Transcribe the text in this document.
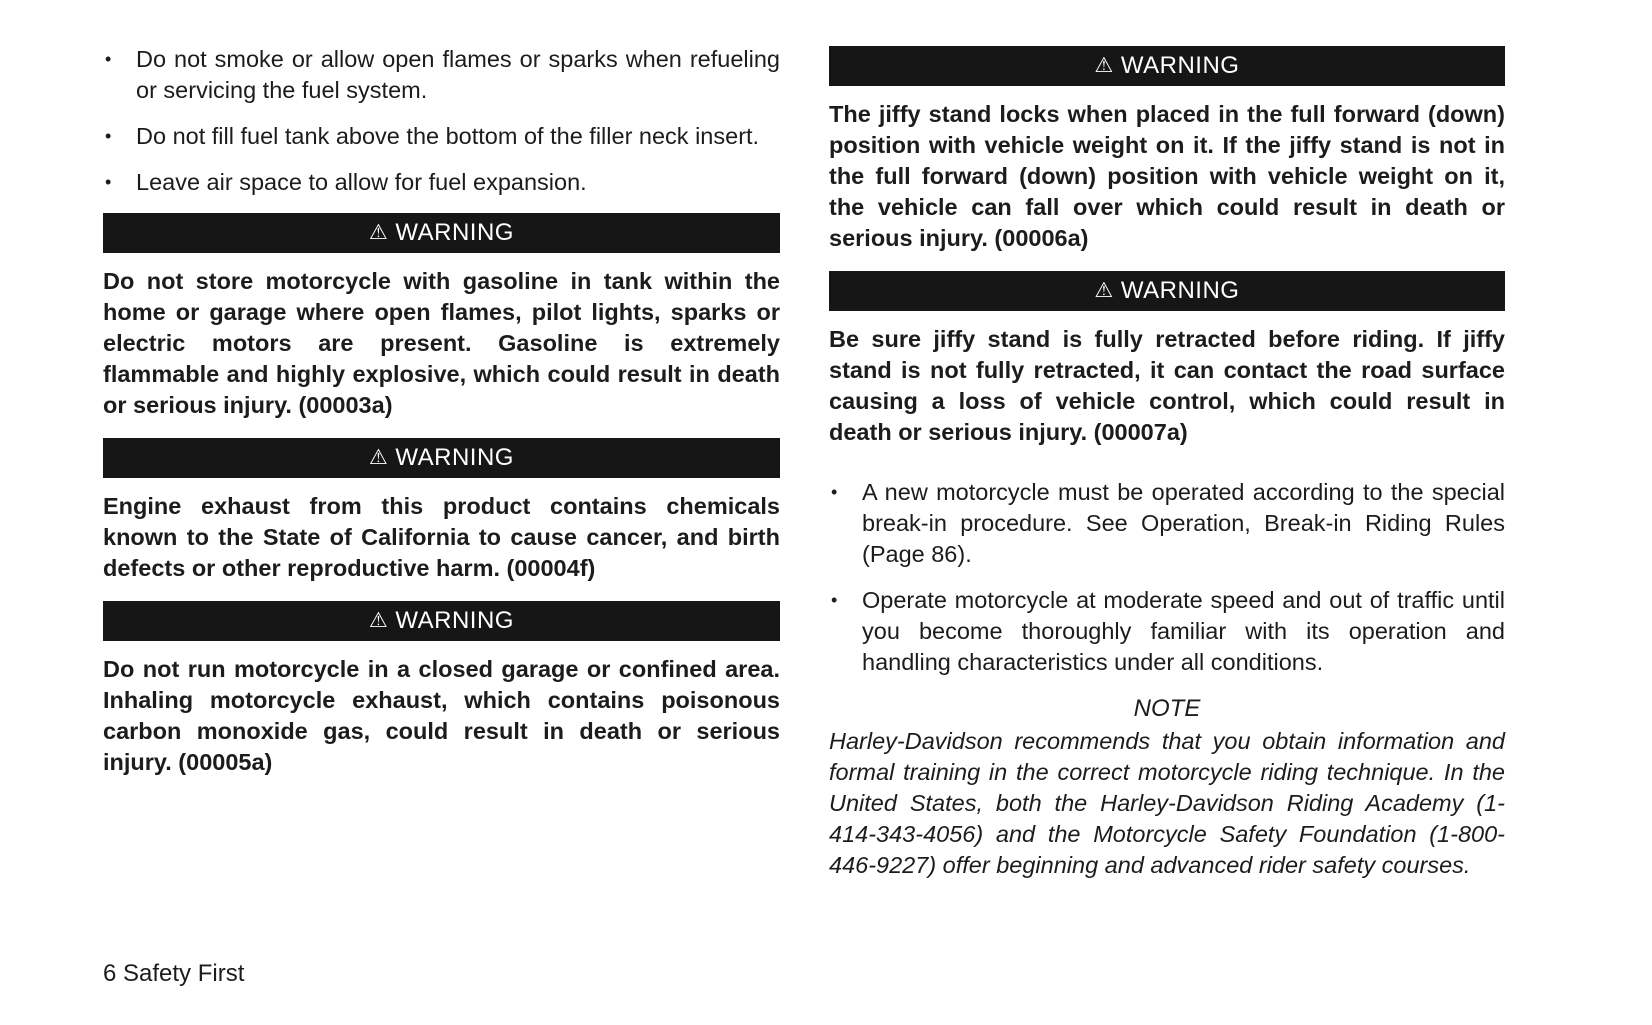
• Do not smoke or allow open flames or sparks when refueling or servicing the fuel system.
• Do not fill fuel tank above the bottom of the filler neck insert.
• Leave air space to allow for fuel expansion.
⚠ WARNING

Do not store motorcycle with gasoline in tank within the home or garage where open flames, pilot lights, sparks or electric motors are present. Gasoline is extremely flammable and highly explosive, which could result in death or serious injury. (00003a)

⚠ WARNING

Engine exhaust from this product contains chemicals known to the State of California to cause cancer, and birth defects or other reproductive harm. (00004f)

⚠ WARNING

Do not run motorcycle in a closed garage or confined area. Inhaling motorcycle exhaust, which contains poisonous carbon monoxide gas, could result in death or serious injury. (00005a)

⚠ WARNING

The jiffy stand locks when placed in the full forward (down) position with vehicle weight on it. If the jiffy stand is not in the full forward (down) position with vehicle weight on it, the vehicle can fall over which could result in death or serious injury. (00006a)

⚠ WARNING

Be sure jiffy stand is fully retracted before riding. If jiffy stand is not fully retracted, it can contact the road surface causing a loss of vehicle control, which could result in death or serious injury. (00007a)

• A new motorcycle must be operated according to the special break-in procedure. See Operation, Break-in Riding Rules (Page 86).
• Operate motorcycle at moderate speed and out of traffic until you become thoroughly familiar with its operation and handling characteristics under all conditions.

NOTE

Harley-Davidson recommends that you obtain information and formal training in the correct motorcycle riding technique. In the United States, both the Harley-Davidson Riding Academy (1-414-343-4056) and the Motorcycle Safety Foundation (1-800-446-9227) offer beginning and advanced rider safety courses.

6 Safety First
